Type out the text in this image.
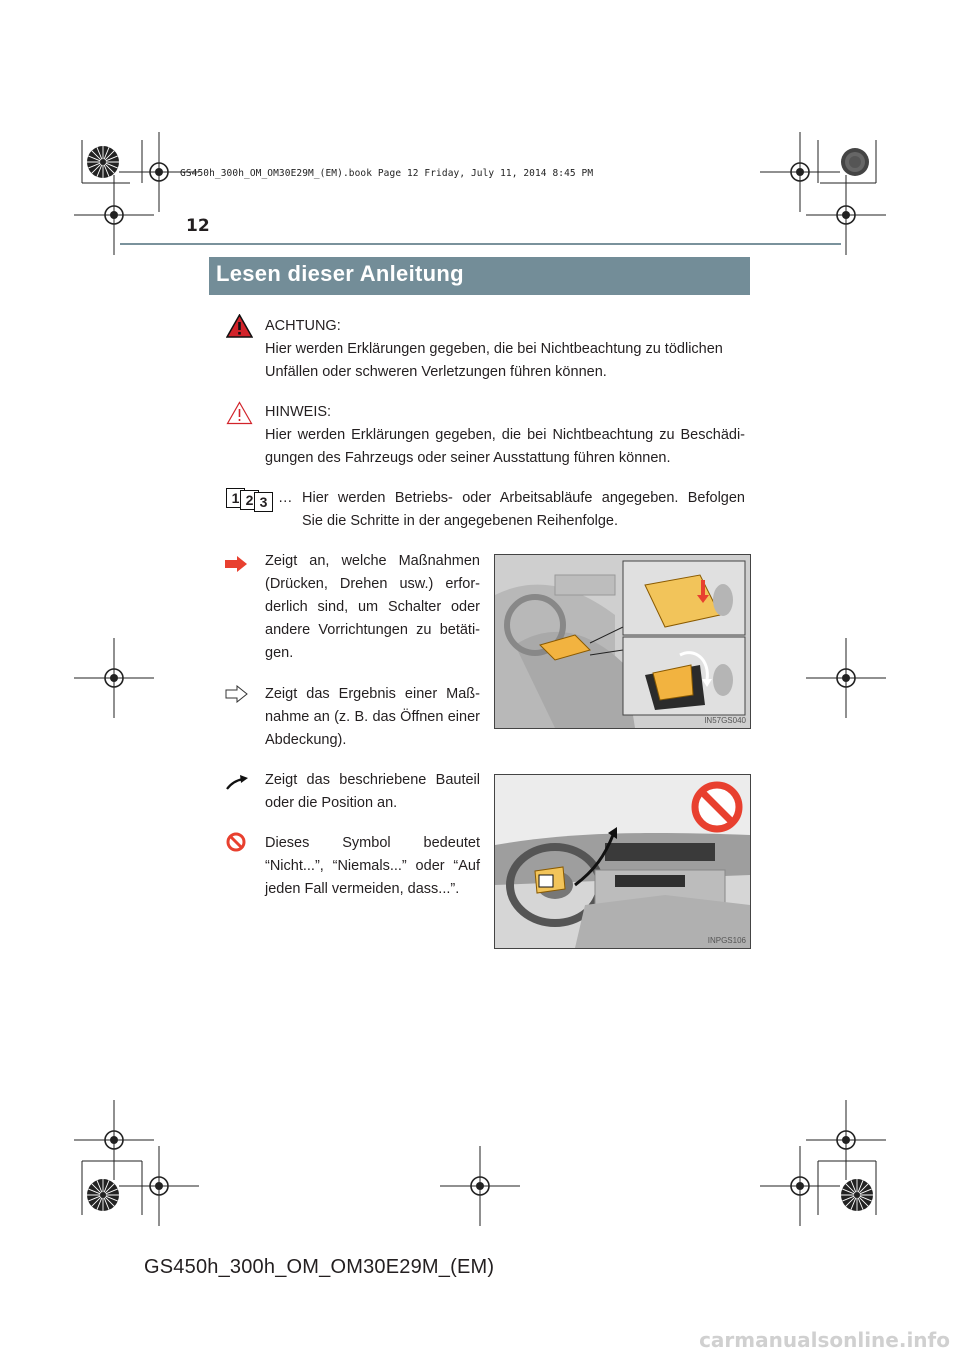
GS450h_300h_OM_OM30E29M_(EM).book Page 12 Friday, July 11, 2014 8:45 PM
12
Lesen dieser Anleitung
ACHTUNG:
Hier werden Erklärungen gegeben, die bei Nichtbeachtung zu tödlichen Unfällen oder schweren Verletzungen führen können.
HINWEIS:
Hier werden Erklärungen gegeben, die bei Nichtbeachtung zu Beschädi-
gungen des Fahrzeugs oder seiner Ausstattung führen können.
1 2 3 … Hier werden Betriebs- oder Arbeitsabläufe angegeben. Befolgen
Sie die Schritte in der angegebenen Reihenfolge.
Zeigt an, welche Maßnahmen
(Drücken, Drehen usw.) erfor-
derlich sind, um Schalter oder
andere Vorrichtungen zu betäti-
gen.
Zeigt das Ergebnis einer Maß-
nahme an (z. B. das Öffnen einer
Abdeckung).
IN57GS040
Zeigt das beschriebene Bauteil
oder die Position an.
Dieses Symbol bedeutet
“Nicht...”, “Niemals...” oder “Auf
jeden Fall vermeiden, dass...”.
INPGS106
GS450h_300h_OM_OM30E29M_(EM)
carmanualsonline.info
